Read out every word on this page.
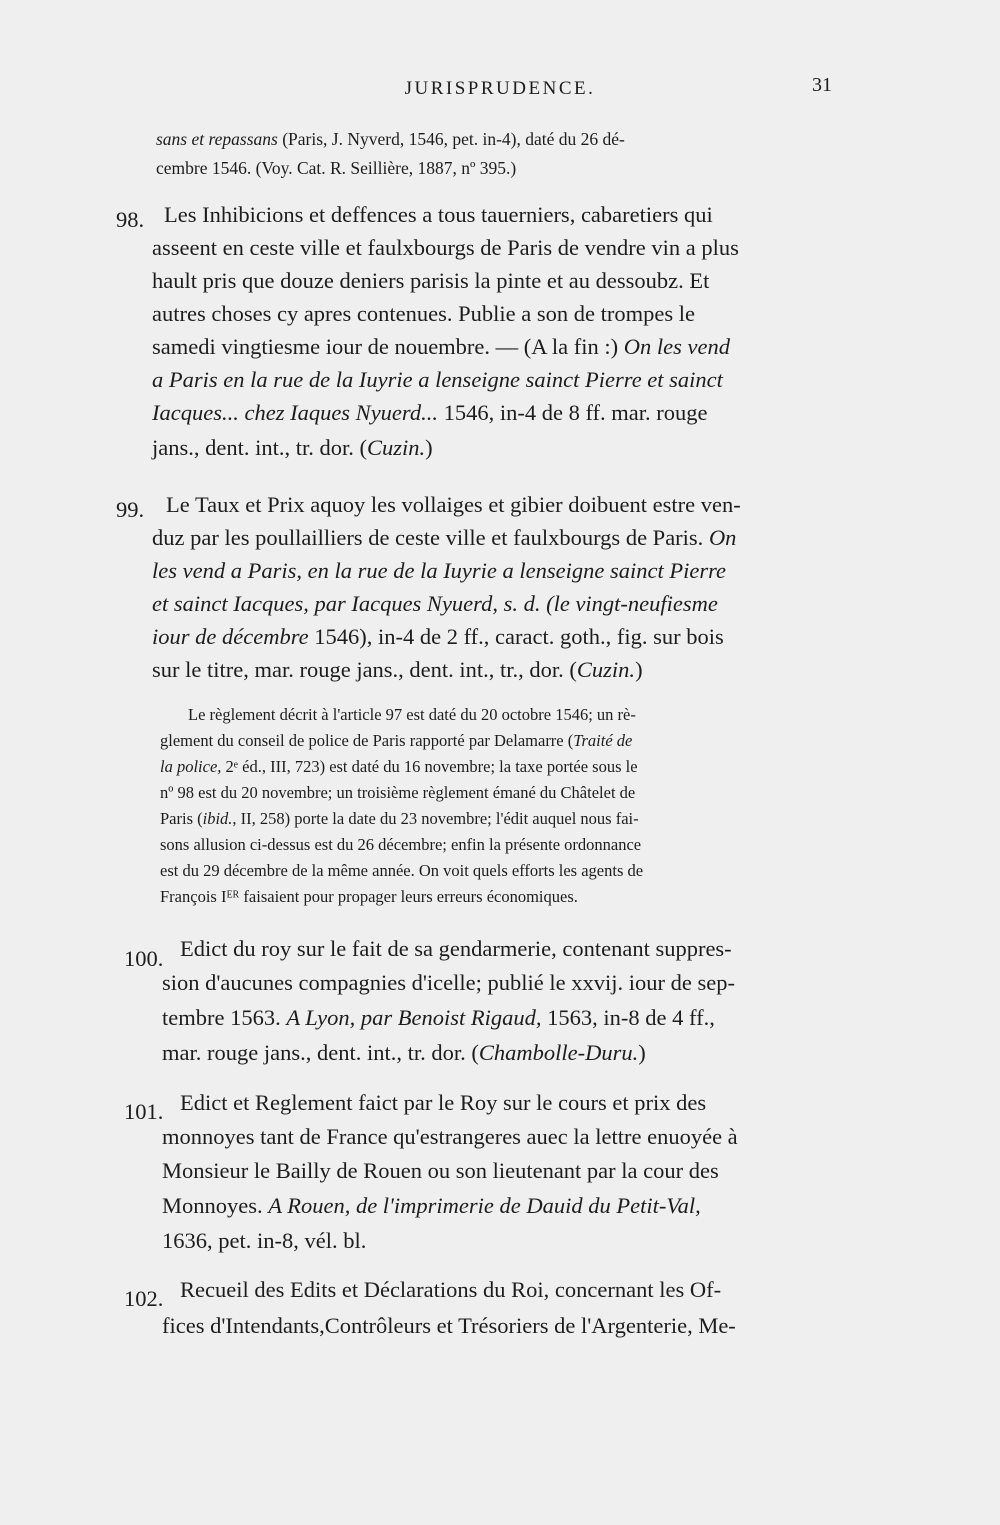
JURISPRUDENCE.	31
sans et repassans (Paris, J. Nyverd, 1546, pet. in-4), daté du 26 dé-
cembre 1546. (Voy. Cat. R. Seillière, 1887, nº 395.)
98. Les Inhibicions et deffences a tous tauerniers, cabaretiers qui
asseent en ceste ville et faulxbourgs de Paris de vendre vin a plus
hault pris que douze deniers parisis la pinte et au dessoubz. Et
autres choses cy apres contenues. Publie a son de trompes le
samedi vingtiesme iour de nouembre. — (A la fin :) On les vend
a Paris en la rue de la Iuyrie a lenseigne sainct Pierre et sainct
Iacques... chez Iaques Nyuerd... 1546, in-4 de 8 ff. mar. rouge
jans., dent. int., tr. dor. (Cuzin.)
99. Le Taux et Prix aquoy les vollaiges et gibier doibuent estre ven-
duz par les poullailliers de ceste ville et faulxbourgs de Paris. On
les vend a Paris, en la rue de la Iuyrie a lenseigne sainct Pierre
et sainct Iacques, par Iacques Nyuerd, s. d. (le vingt-neufiesme
iour de décembre 1546), in-4 de 2 ff., caract. goth., fig. sur bois
sur le titre, mar. rouge jans., dent. int., tr., dor. (Cuzin.)
Le règlement décrit à l'article 97 est daté du 20 octobre 1546; un rè-
glement du conseil de police de Paris rapporté par Delamarre (Traité de
la police, 2ᵉ éd., III, 723) est daté du 16 novembre; la taxe portée sous le
nº 98 est du 20 novembre; un troisième règlement émané du Châtelet de
Paris (ibid., II, 258) porte la date du 23 novembre; l'édit auquel nous fai-
sons allusion ci-dessus est du 26 décembre; enfin la présente ordonnance
est du 29 décembre de la même année. On voit quels efforts les agents de
François Iᴱᴿ faisaient pour propager leurs erreurs économiques.
100. Edict du roy sur le fait de sa gendarmerie, contenant suppres-
sion d'aucunes compagnies d'icelle; publié le xxvij. iour de sep-
tembre 1563. A Lyon, par Benoist Rigaud, 1563, in-8 de 4 ff.,
mar. rouge jans., dent. int., tr. dor. (Chambolle-Duru.)
101. Edict et Reglement faict par le Roy sur le cours et prix des
monnoyes tant de France qu'estrangeres auec la lettre enuoyée à
Monsieur le Bailly de Rouen ou son lieutenant par la cour des
Monnoyes. A Rouen, de l'imprimerie de Dauid du Petit-Val,
1636, pet. in-8, vél. bl.
102. Recueil des Edits et Déclarations du Roi, concernant les Of-
fices d'Intendants,Contrôleurs et Trésoriers de l'Argenterie, Me-
